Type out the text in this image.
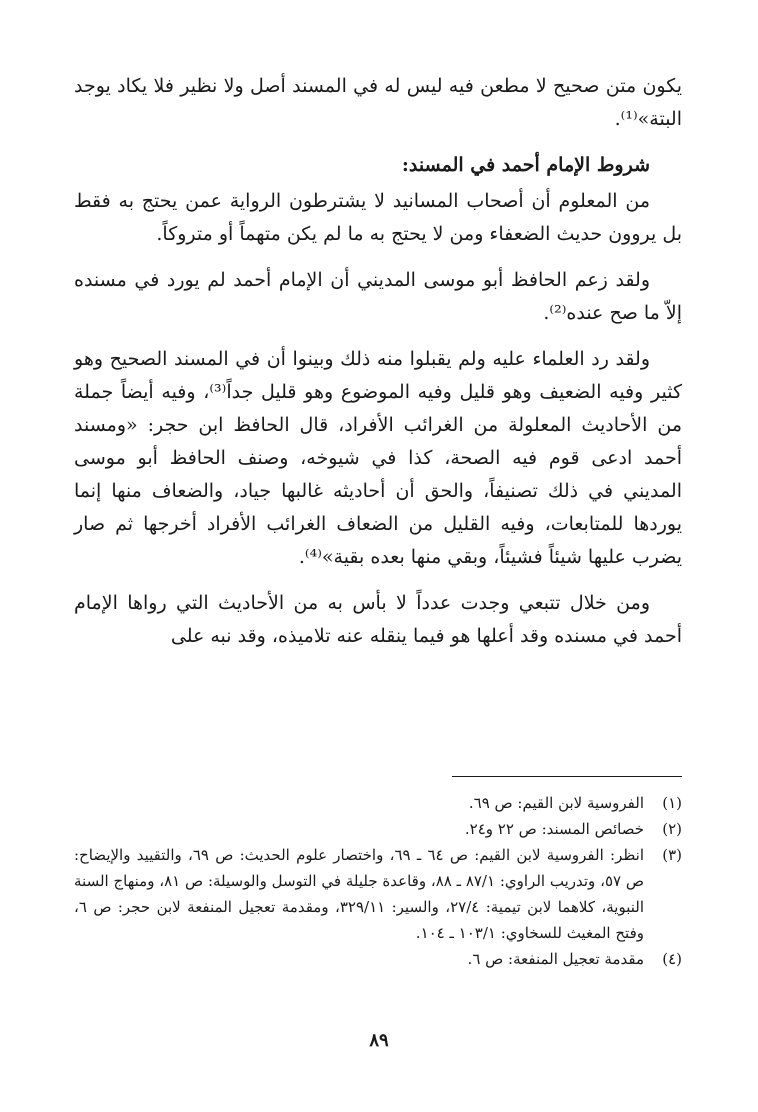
يكون متن صحيح لا مطعن فيه ليس له في المسند أصل ولا نظير فلا يكاد يوجد البتة»⁽¹⁾.

شروط الإمام أحمد في المسند:

من المعلوم أن أصحاب المسانيد لا يشترطون الرواية عمن يحتج به فقط بل يروون حديث الضعفاء ومن لا يحتج به ما لم يكن متهماً أو متروكاً.

ولقد زعم الحافظ أبو موسى المديني أن الإمام أحمد لم يورد في مسنده إلاّ ما صح عنده⁽²⁾.

ولقد رد العلماء عليه ولم يقبلوا منه ذلك وبينوا أن في المسند الصحيح وهو كثير وفيه الضعيف وهو قليل وفيه الموضوع وهو قليل جداً⁽³⁾، وفيه أيضاً جملة من الأحاديث المعلولة من الغرائب الأفراد، قال الحافظ ابن حجر: «ومسند أحمد ادعى قوم فيه الصحة، كذا في شيوخه، وصنف الحافظ أبو موسى المديني في ذلك تصنيفاً، والحق أن أحاديثه غالبها جياد، والضعاف منها إنما يوردها للمتابعات، وفيه القليل من الضعاف الغرائب الأفراد أخرجها ثم صار يضرب عليها شيئاً فشيئاً، وبقي منها بعده بقية»⁽⁴⁾.

ومن خلال تتبعي وجدت عدداً لا بأس به من الأحاديث التي رواها الإمام أحمد في مسنده وقد أعلها هو فيما ينقله عنه تلاميذه، وقد نبه على

(١)
الفروسية لابن القيم: ص ٦٩.
(٢)
خصائص المسند: ص ٢٢ و٢٤.
(٣)
انظر: الفروسية لابن القيم: ص ٦٤ ـ ٦٩، واختصار علوم الحديث: ص ٦٩، والتقييد والإيضاح: ص ٥٧، وتدريب الراوي: ٨٧/١ ـ ٨٨، وقاعدة جليلة في التوسل والوسيلة: ص ٨١، ومنهاج السنة النبوية، كلاهما لابن تيمية: ٢٧/٤، والسير: ٣٢٩/١١، ومقدمة تعجيل المنفعة لابن حجر: ص ٦، وفتح المغيث للسخاوي: ١٠٣/١ ـ ١٠٤.
(٤)
مقدمة تعجيل المنفعة: ص ٦.
٨٩
